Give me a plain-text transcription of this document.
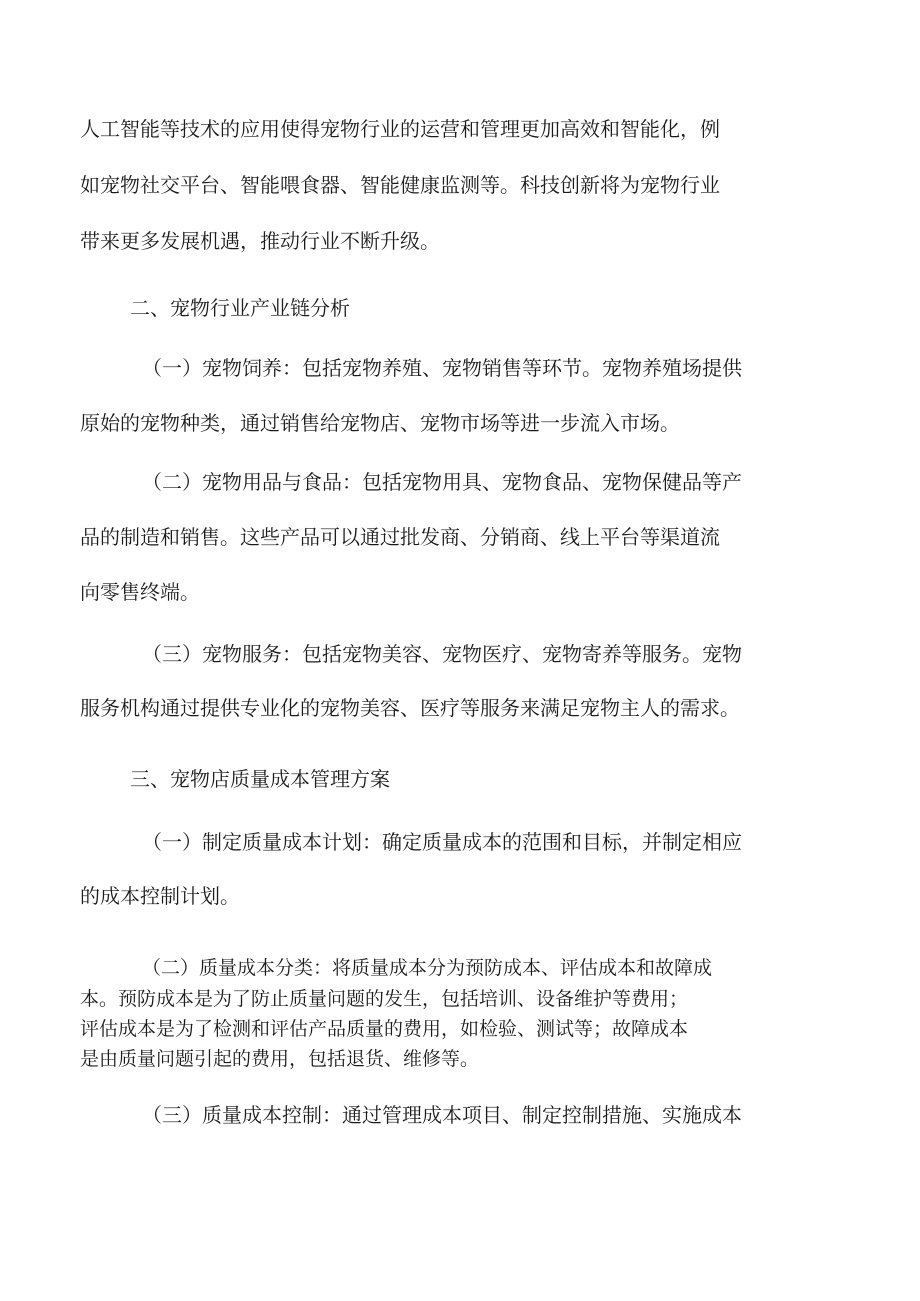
人工智能等技术的应用使得宠物行业的运营和管理更加高效和智能化，例

如宠物社交平台、智能喂食器、智能健康监测等。科技创新将为宠物行业

带来更多发展机遇，推动行业不断升级。

二、宠物行业产业链分析

（一）宠物饲养：包括宠物养殖、宠物销售等环节。宠物养殖场提供

原始的宠物种类，通过销售给宠物店、宠物市场等进一步流入市场。

（二）宠物用品与食品：包括宠物用具、宠物食品、宠物保健品等产

品的制造和销售。这些产品可以通过批发商、分销商、线上平台等渠道流

向零售终端。

（三）宠物服务：包括宠物美容、宠物医疗、宠物寄养等服务。宠物

服务机构通过提供专业化的宠物美容、医疗等服务来满足宠物主人的需求。

三、宠物店质量成本管理方案

（一）制定质量成本计划：确定质量成本的范围和目标，并制定相应

的成本控制计划。

（二）质量成本分类：将质量成本分为预防成本、评估成本和故障成

本。预防成本是为了防止质量问题的发生，包括培训、设备维护等费用；

评估成本是为了检测和评估产品质量的费用，如检验、测试等；故障成本

是由质量问题引起的费用，包括退货、维修等。

（三）质量成本控制：通过管理成本项目、制定控制措施、实施成本
